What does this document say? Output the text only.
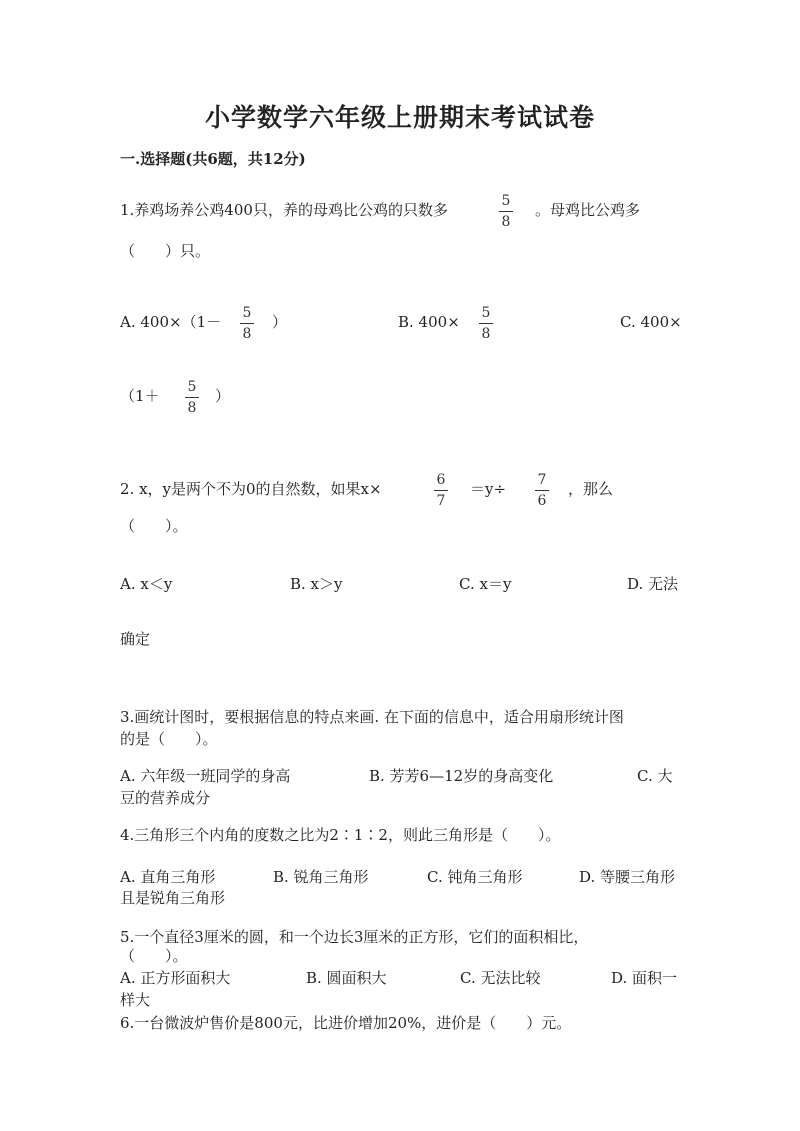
小学数学六年级上册期末考试试卷
一.选择题(共6题，共12分)
1.养鸡场养公鸡400只，养的母鸡比公鸡的只数多	5
8
。母鸡比公鸡多
（　　）只。
A. 400×（1－ 5
8
）	B. 400× 5
8
C. 400×
（1＋ 5
8
）
2. x，y是两个不为0的自然数，如果x×	6
7
＝y÷ 7
6
，那么
（　　）。
A. x＜y	B. x＞y	C. x＝y	D. 无法
确定
3.画统计图时，要根据信息的特点来画. 在下面的信息中，适合用扇形统计图
的是（　　）。
A. 六年级一班同学的身高	B. 芳芳6—12岁的身高变化	C. 大
豆的营养成分
4.三角形三个内角的度数之比为2∶1∶2，则此三角形是（　　）。
A. 直角三角形	B. 锐角三角形	C. 钝角三角形	D. 等腰三角形
且是锐角三角形
5.一个直径3厘米的圆，和一个边长3厘米的正方形，它们的面积相比，
（　　）。
A. 正方形面积大	B. 圆面积大	C. 无法比较	D. 面积一
样大
6.一台微波炉售价是800元，比进价增加20%，进价是（　　）元。
